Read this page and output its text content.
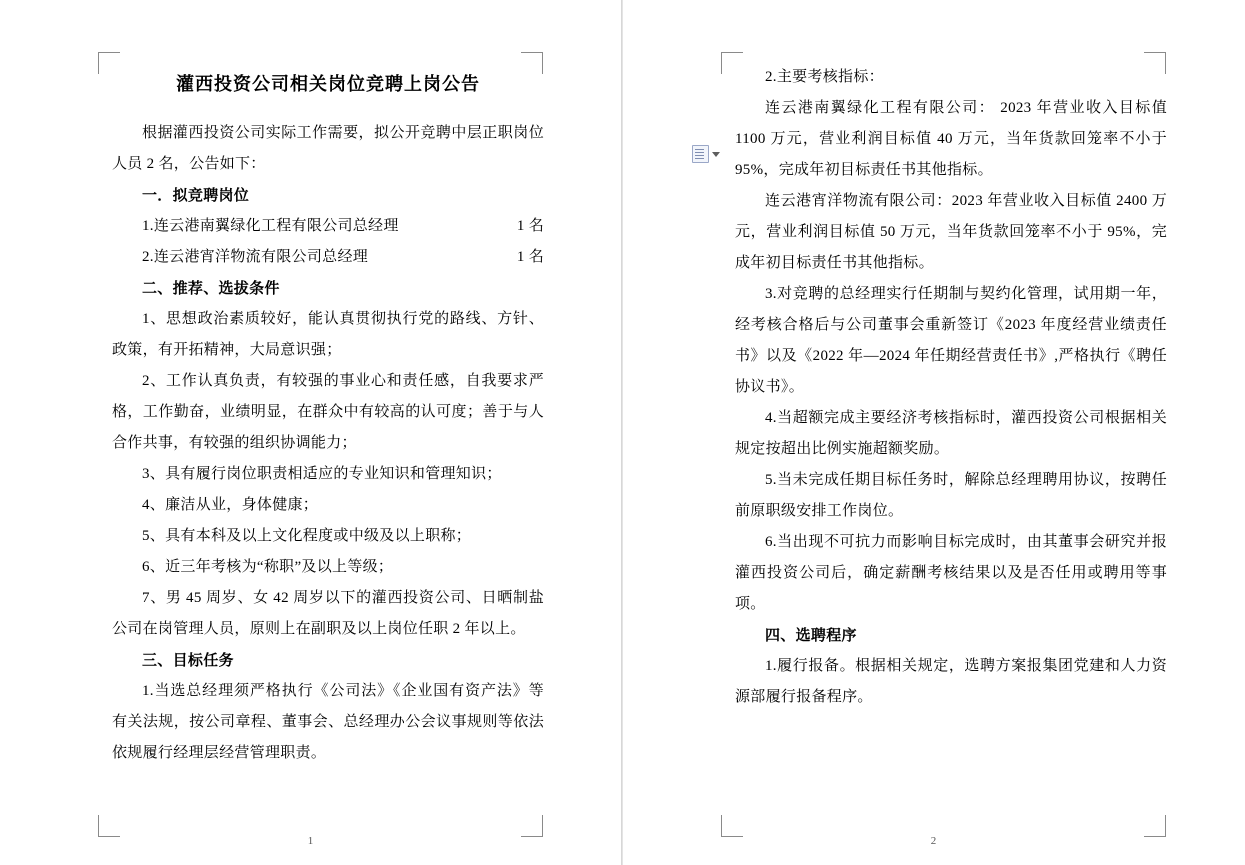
灌西投资公司相关岗位竞聘上岗公告

根据灌西投资公司实际工作需要，拟公开竞聘中层正职岗位人员 2 名，公告如下：

一．拟竞聘岗位

1.连云港南翼绿化工程有限公司总经理	1 名
2.连云港宵洋物流有限公司总经理	1 名

二、推荐、选拔条件

1、思想政治素质较好，能认真贯彻执行党的路线、方针、政策，有开拓精神，大局意识强；

2、工作认真负责，有较强的事业心和责任感，自我要求严格，工作勤奋，业绩明显，在群众中有较高的认可度；善于与人合作共事，有较强的组织协调能力；

3、具有履行岗位职责相适应的专业知识和管理知识；

4、廉洁从业，身体健康；

5、具有本科及以上文化程度或中级及以上职称；

6、近三年考核为“称职”及以上等级；

7、男 45 周岁、女 42 周岁以下的灌西投资公司、日晒制盐公司在岗管理人员，原则上在副职及以上岗位任职 2 年以上。

三、目标任务

1.当选总经理须严格执行《公司法》《企业国有资产法》等有关法规，按公司章程、董事会、总经理办公会议事规则等依法依规履行经理层经营管理职责。

1

2.主要考核指标：

连云港南翼绿化工程有限公司： 2023 年营业收入目标值 1100 万元，营业利润目标值 40 万元，当年货款回笼率不小于 95%，完成年初目标责任书其他指标。

连云港宵洋物流有限公司：2023 年营业收入目标值 2400 万元，营业利润目标值 50 万元，当年货款回笼率不小于 95%，完成年初目标责任书其他指标。

3.对竞聘的总经理实行任期制与契约化管理，试用期一年，经考核合格后与公司董事会重新签订《2023 年度经营业绩责任书》以及《2022 年—2024 年任期经营责任书》,严格执行《聘任协议书》。

4.当超额完成主要经济考核指标时，灌西投资公司根据相关规定按超出比例实施超额奖励。

5.当未完成任期目标任务时，解除总经理聘用协议，按聘任前原职级安排工作岗位。

6.当出现不可抗力而影响目标完成时，由其董事会研究并报灌西投资公司后，确定薪酬考核结果以及是否任用或聘用等事项。

四、选聘程序

1.履行报备。根据相关规定，选聘方案报集团党建和人力资源部履行报备程序。

2
